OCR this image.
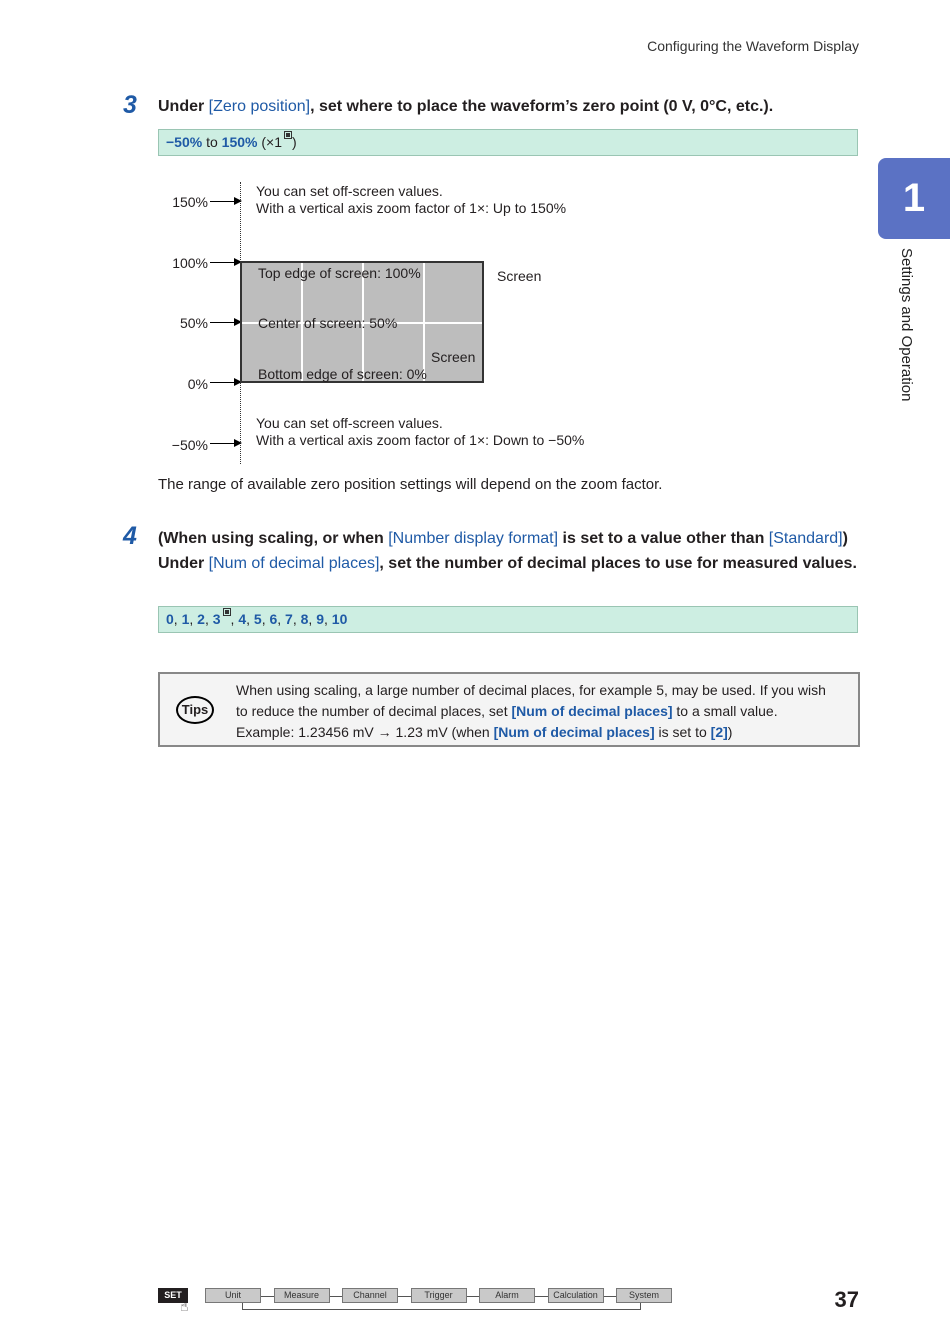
Configuring the Waveform Display
1
Settings and Operation
3 Under [Zero position], set where to place the waveform’s zero point (0 V, 0°C, etc.).
−50% to 150% (×1 )
150%
100%
50%
0%
−50%
You can set off-screen values.
With a vertical axis zoom factor of 1×: Up to 150%
Top edge of screen: 100%
Center of screen: 50%
Screen
Bottom edge of screen: 0%
Screen
You can set off-screen values.
With a vertical axis zoom factor of 1×: Down to −50%
The range of available zero position settings will depend on the zoom factor.
4 (When using scaling, or when [Number display format] is set to a value other than [Standard])
Under [Num of decimal places], set the number of decimal places to use for measured values.
0, 1, 2, 3 , 4, 5, 6, 7, 8, 9, 10
Tips
When using scaling, a large number of decimal places, for example 5, may be used. If you wish
to reduce the number of decimal places, set [Num of decimal places] to a small value.
Example: 1.23456 mV → 1.23 mV (when [Num of decimal places] is set to [2])
SET
☝
Unit	Measure	Channel	Trigger	Alarm	Calculation	System	37
